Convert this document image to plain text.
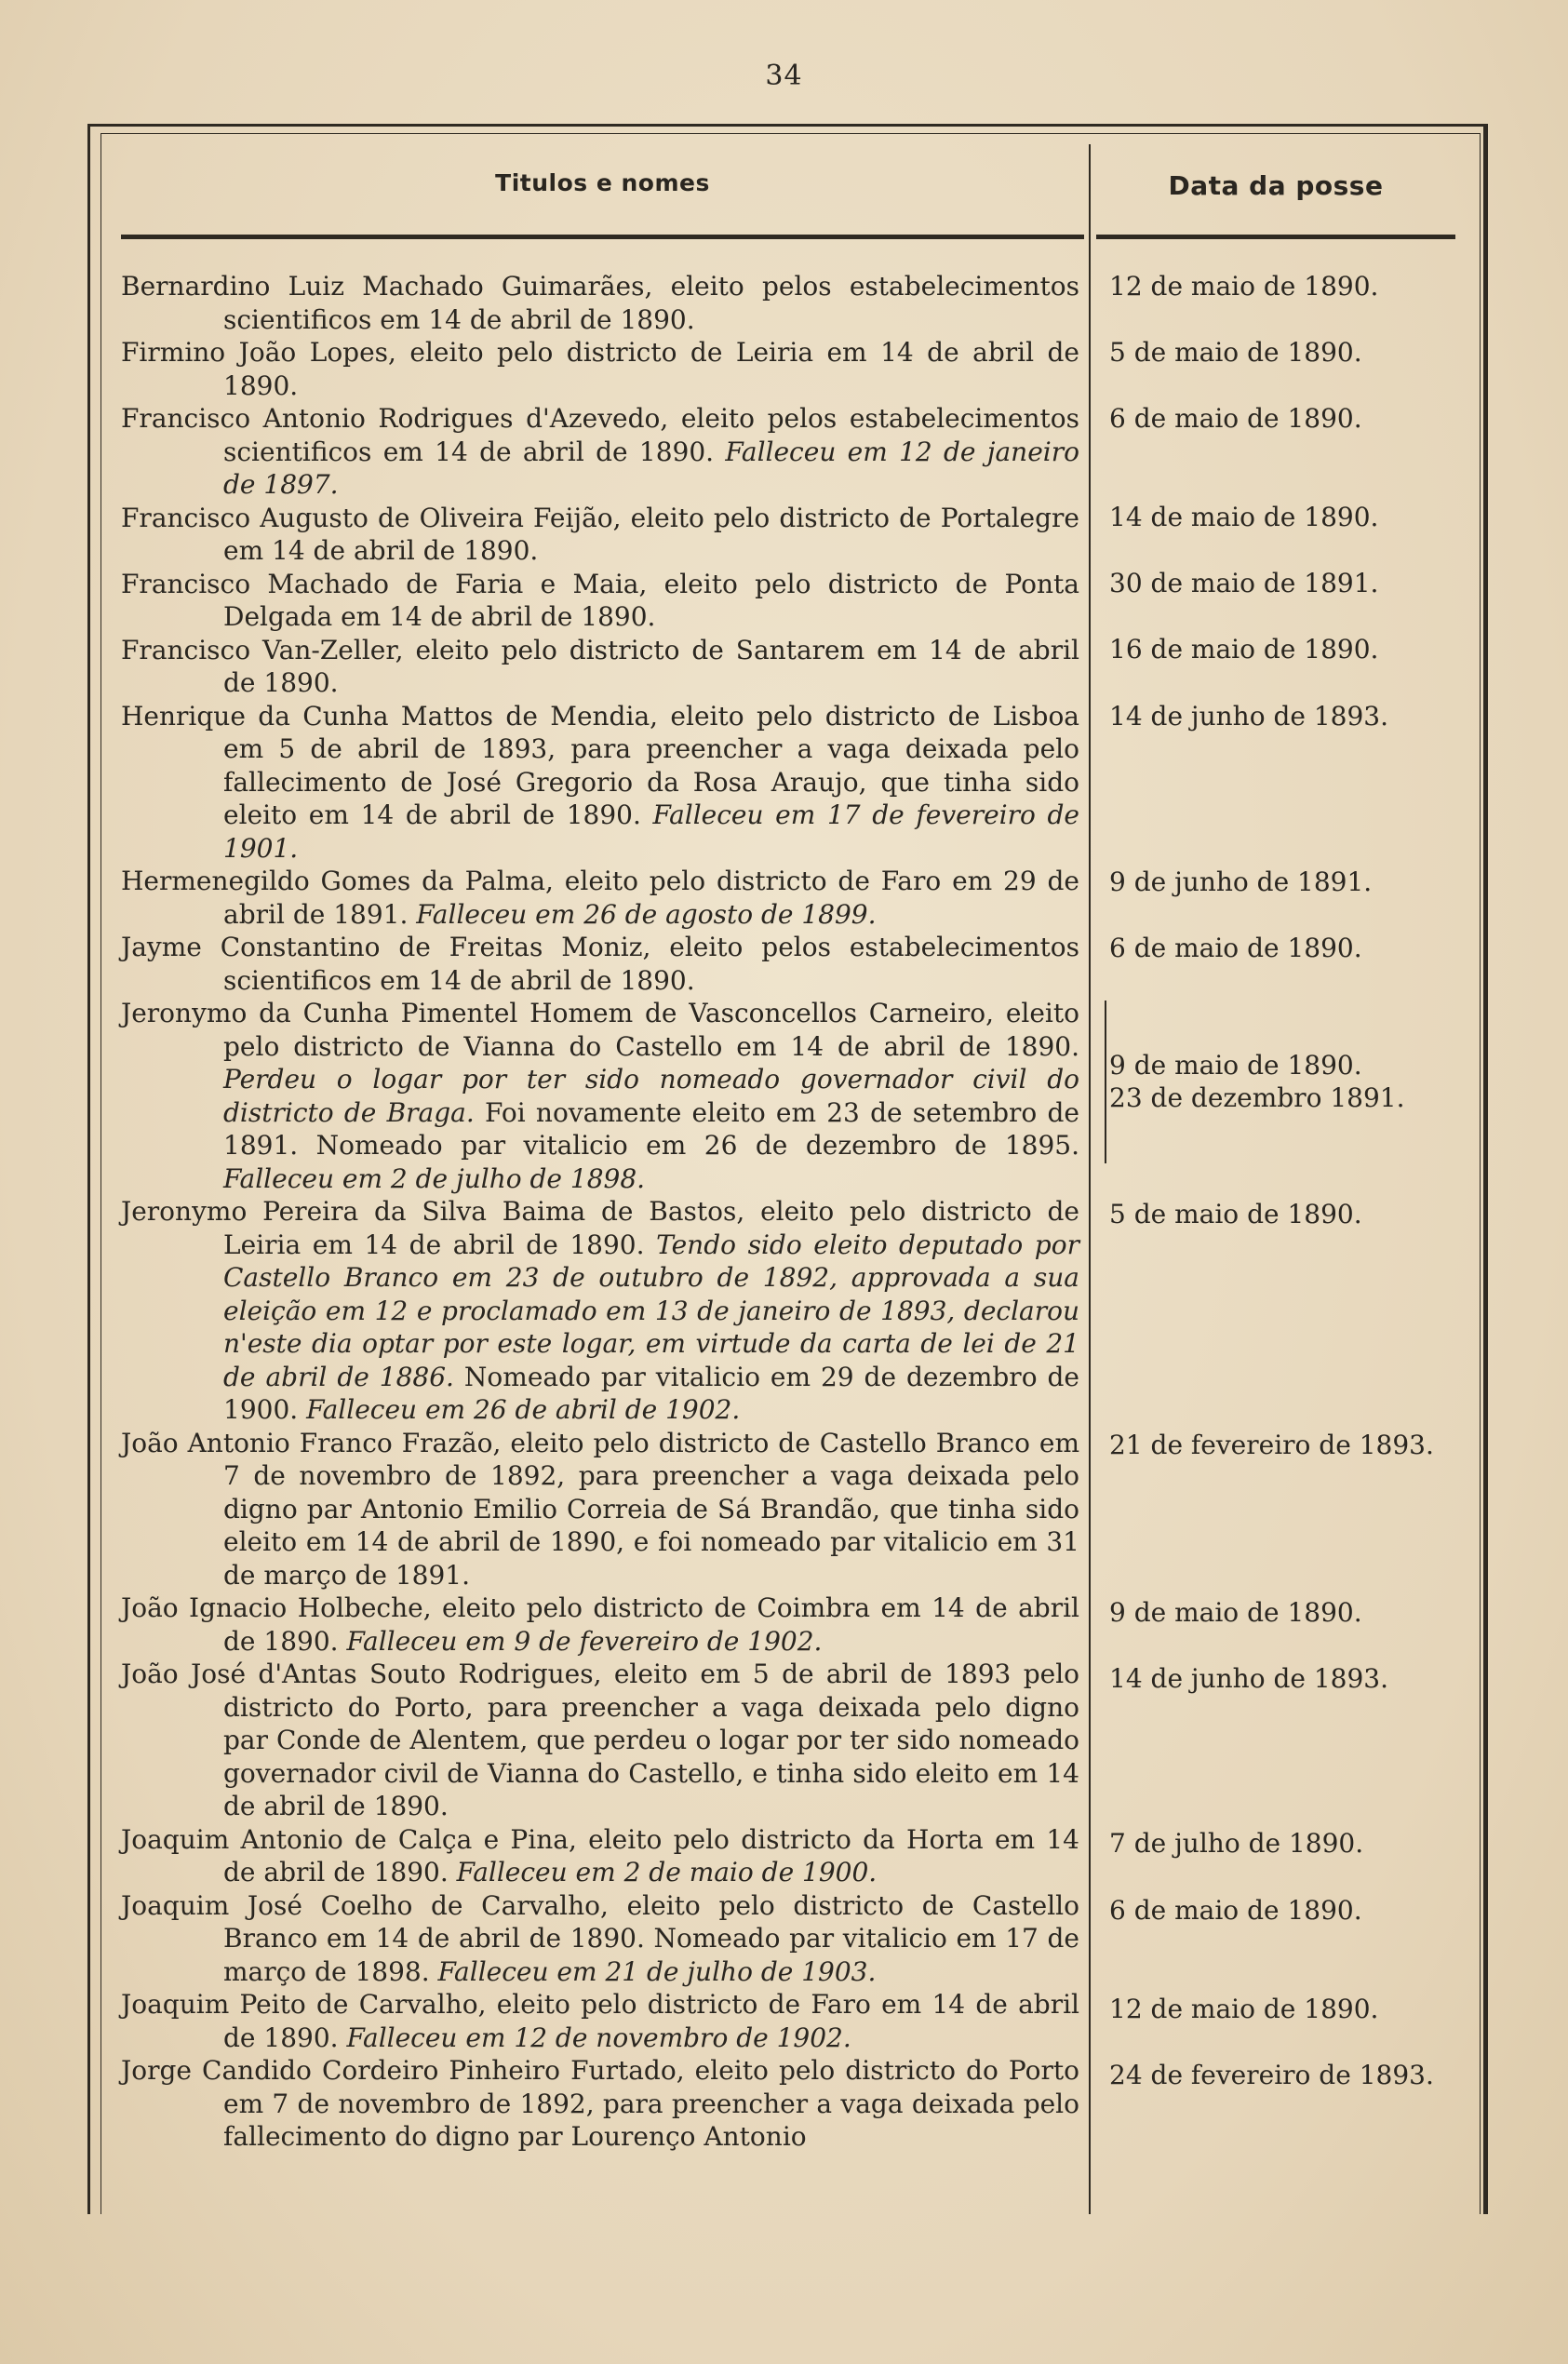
34
Titulos e nomes	Data da posse

Bernardino Luiz Machado Guimarães, eleito pelos estabelecimentos scientificos em 14 de abril de 1890.

Firmino João Lopes, eleito pelo districto de Leiria em 14 de abril de 1890.

Francisco Antonio Rodrigues d'Azevedo, eleito pelos estabelecimentos scientificos em 14 de abril de 1890. Falleceu em 12 de janeiro de 1897.

Francisco Augusto de Oliveira Feijão, eleito pelo districto de Portalegre em 14 de abril de 1890.

Francisco Machado de Faria e Maia, eleito pelo districto de Ponta Delgada em 14 de abril de 1890.

Francisco Van-Zeller, eleito pelo districto de Santarem em 14 de abril de 1890.

Henrique da Cunha Mattos de Mendia, eleito pelo districto de Lisboa em 5 de abril de 1893, para preencher a vaga deixada pelo fallecimento de José Gregorio da Rosa Araujo, que tinha sido eleito em 14 de abril de 1890. Falleceu em 17 de fevereiro de 1901.

Hermenegildo Gomes da Palma, eleito pelo districto de Faro em 29 de abril de 1891. Falleceu em 26 de agosto de 1899.

Jayme Constantino de Freitas Moniz, eleito pelos estabelecimentos scientificos em 14 de abril de 1890.

Jeronymo da Cunha Pimentel Homem de Vasconcellos Carneiro, eleito pelo districto de Vianna do Castello em 14 de abril de 1890. Perdeu o logar por ter sido nomeado governador civil do districto de Braga. Foi novamente eleito em 23 de setembro de 1891. Nomeado par vitalicio em 26 de dezembro de 1895. Falleceu em 2 de julho de 1898.

Jeronymo Pereira da Silva Baima de Bastos, eleito pelo districto de Leiria em 14 de abril de 1890. Tendo sido eleito deputado por Castello Branco em 23 de outubro de 1892, approvada a sua eleição em 12 e proclamado em 13 de janeiro de 1893, declarou n'este dia optar por este logar, em virtude da carta de lei de 21 de abril de 1886. Nomeado par vitalicio em 29 de dezembro de 1900. Falleceu em 26 de abril de 1902.

João Antonio Franco Frazão, eleito pelo districto de Castello Branco em 7 de novembro de 1892, para preencher a vaga deixada pelo digno par Antonio Emilio Correia de Sá Brandão, que tinha sido eleito em 14 de abril de 1890, e foi nomeado par vitalicio em 31 de março de 1891.

João Ignacio Holbeche, eleito pelo districto de Coimbra em 14 de abril de 1890. Falleceu em 9 de fevereiro de 1902.

João José d'Antas Souto Rodrigues, eleito em 5 de abril de 1893 pelo districto do Porto, para preencher a vaga deixada pelo digno par Conde de Alentem, que perdeu o logar por ter sido nomeado governador civil de Vianna do Castello, e tinha sido eleito em 14 de abril de 1890.

Joaquim Antonio de Calça e Pina, eleito pelo districto da Horta em 14 de abril de 1890. Falleceu em 2 de maio de 1900.

Joaquim José Coelho de Carvalho, eleito pelo districto de Castello Branco em 14 de abril de 1890. Nomeado par vitalicio em 17 de março de 1898. Falleceu em 21 de julho de 1903.

Joaquim Peito de Carvalho, eleito pelo districto de Faro em 14 de abril de 1890. Falleceu em 12 de novembro de 1902.

Jorge Candido Cordeiro Pinheiro Furtado, eleito pelo districto do Porto em 7 de novembro de 1892, para preencher a vaga deixada pelo fallecimento do digno par Lourenço Antonio

12 de maio de 1890.
5 de maio de 1890.
6 de maio de 1890.
14 de maio de 1890.
30 de maio de 1891.
16 de maio de 1890.
14 de junho de 1893.
9 de junho de 1891.
6 de maio de 1890.
9 de maio de 1890.
23 de dezembro 1891.
5 de maio de 1890.
21 de fevereiro de 1893.
9 de maio de 1890.
14 de junho de 1893.
7 de julho de 1890.
6 de maio de 1890.
12 de maio de 1890.
24 de fevereiro de 1893.
